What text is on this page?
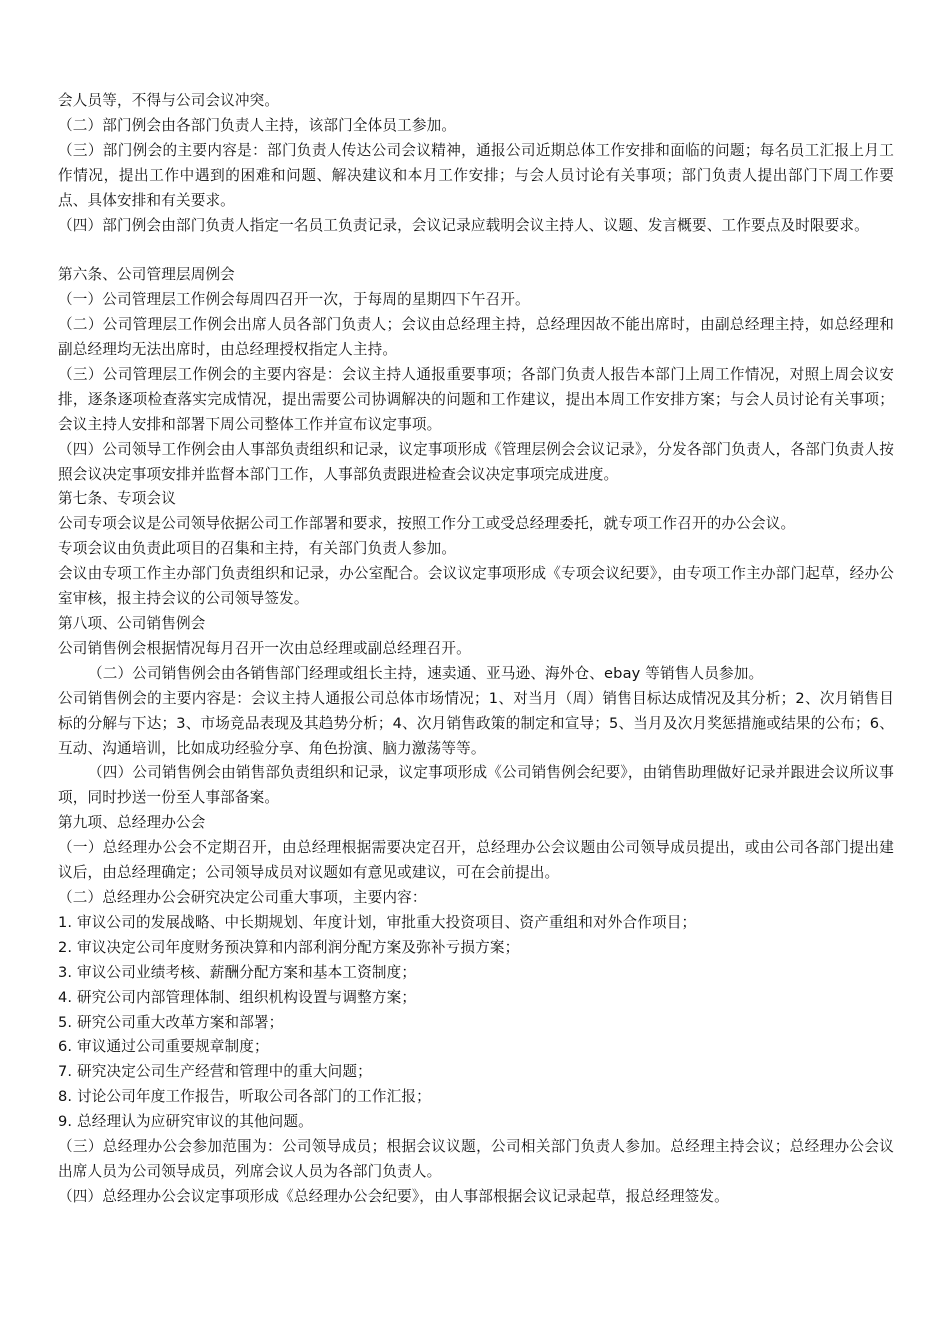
会人员等，不得与公司会议冲突。

（二）部门例会由各部门负责人主持，该部门全体员工参加。

（三）部门例会的主要内容是：部门负责人传达公司会议精神，通报公司近期总体工作安排和面临的问题；每名员工汇报上月工作情况，提出工作中遇到的困难和问题、解决建议和本月工作安排；与会人员讨论有关事项；部门负责人提出部门下周工作要点、具体安排和有关要求。

（四）部门例会由部门负责人指定一名员工负责记录，会议记录应载明会议主持人、议题、发言概要、工作要点及时限要求。

第六条、公司管理层周例会

（一）公司管理层工作例会每周四召开一次，于每周的星期四下午召开。

（二）公司管理层工作例会出席人员各部门负责人；会议由总经理主持，总经理因故不能出席时，由副总经理主持，如总经理和副总经理均无法出席时，由总经理授权指定人主持。

（三）公司管理层工作例会的主要内容是：会议主持人通报重要事项；各部门负责人报告本部门上周工作情况，对照上周会议安排，逐条逐项检查落实完成情况，提出需要公司协调解决的问题和工作建议，提出本周工作安排方案；与会人员讨论有关事项；会议主持人安排和部署下周公司整体工作并宣布议定事项。

（四）公司领导工作例会由人事部负责组织和记录，议定事项形成《管理层例会会议记录》，分发各部门负责人，各部门负责人按照会议决定事项安排并监督本部门工作，人事部负责跟进检查会议决定事项完成进度。

第七条、专项会议

公司专项会议是公司领导依据公司工作部署和要求，按照工作分工或受总经理委托，就专项工作召开的办公会议。

专项会议由负责此项目的召集和主持，有关部门负责人参加。

会议由专项工作主办部门负责组织和记录，办公室配合。会议议定事项形成《专项会议纪要》，由专项工作主办部门起草，经办公室审核，报主持会议的公司领导签发。

第八项、公司销售例会

公司销售例会根据情况每月召开一次由总经理或副总经理召开。

（二）公司销售例会由各销售部门经理或组长主持，速卖通、亚马逊、海外仓、ebay 等销售人员参加。

公司销售例会的主要内容是：会议主持人通报公司总体市场情况；1、对当月（周）销售目标达成情况及其分析；2、次月销售目标的分解与下达；3、市场竞品表现及其趋势分析；4、次月销售政策的制定和宣导；5、当月及次月奖惩措施或结果的公布；6、互动、沟通培训，比如成功经验分享、角色扮演、脑力激荡等等。

（四）公司销售例会由销售部负责组织和记录，议定事项形成《公司销售例会纪要》，由销售助理做好记录并跟进会议所议事项，同时抄送一份至人事部备案。

第九项、总经理办公会

（一）总经理办公会不定期召开，由总经理根据需要决定召开，总经理办公会议题由公司领导成员提出，或由公司各部门提出建议后，由总经理确定；公司领导成员对议题如有意见或建议，可在会前提出。

（二）总经理办公会研究决定公司重大事项，主要内容：

1. 审议公司的发展战略、中长期规划、年度计划，审批重大投资项目、资产重组和对外合作项目；

2. 审议决定公司年度财务预决算和内部利润分配方案及弥补亏损方案；

3. 审议公司业绩考核、薪酬分配方案和基本工资制度；

4. 研究公司内部管理体制、组织机构设置与调整方案；

5. 研究公司重大改革方案和部署；

6. 审议通过公司重要规章制度；

7. 研究决定公司生产经营和管理中的重大问题；

8. 讨论公司年度工作报告，听取公司各部门的工作汇报；

9. 总经理认为应研究审议的其他问题。

（三）总经理办公会参加范围为：公司领导成员；根据会议议题，公司相关部门负责人参加。总经理主持会议；总经理办公会议出席人员为公司领导成员，列席会议人员为各部门负责人。

（四）总经理办公会议定事项形成《总经理办公会纪要》，由人事部根据会议记录起草，报总经理签发。
